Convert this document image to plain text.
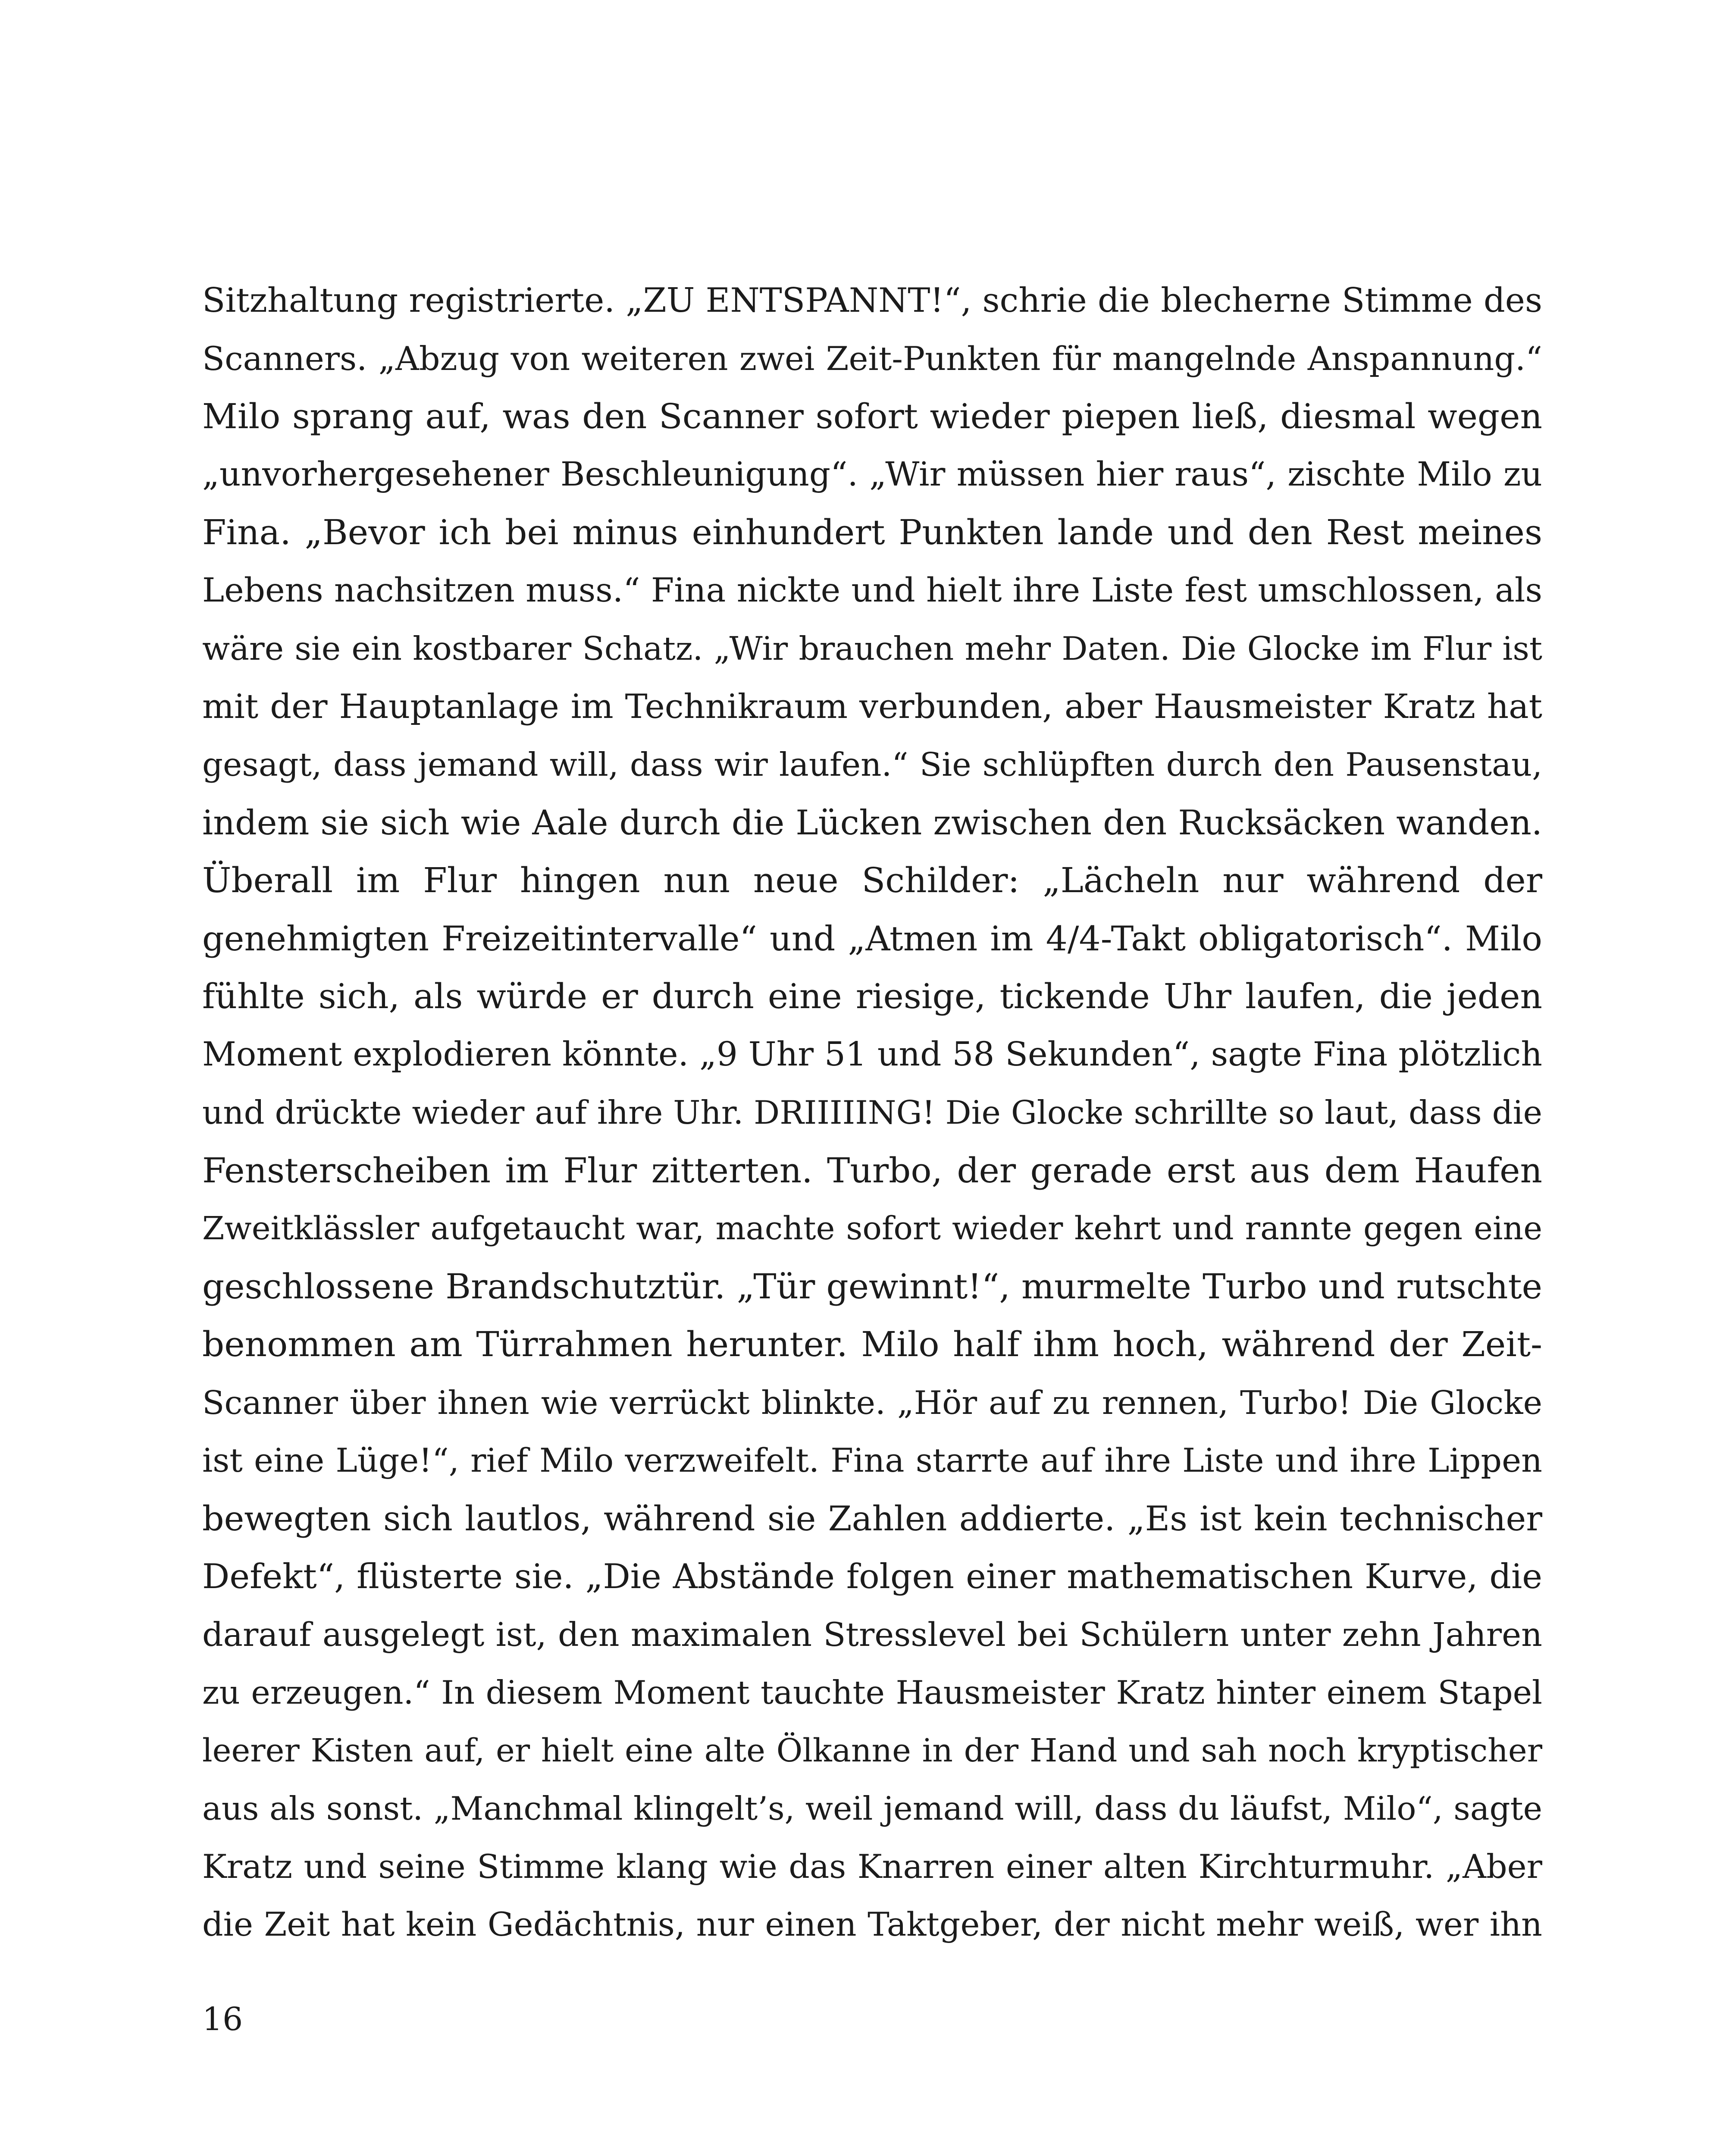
Sitzhaltung registrierte. „ZU ENTSPANNT!“, schrie die blecherne Stimme des
Scanners. „Abzug von weiteren zwei Zeit-Punkten für mangelnde Anspannung.“
Milo sprang auf, was den Scanner sofort wieder piepen ließ, diesmal wegen
„unvorhergesehener Beschleunigung“. „Wir müssen hier raus“, zischte Milo zu
Fina. „Bevor ich bei minus einhundert Punkten lande und den Rest meines
Lebens nachsitzen muss.“ Fina nickte und hielt ihre Liste fest umschlossen, als
wäre sie ein kostbarer Schatz. „Wir brauchen mehr Daten. Die Glocke im Flur ist
mit der Hauptanlage im Technikraum verbunden, aber Hausmeister Kratz hat
gesagt, dass jemand will, dass wir laufen.“ Sie schlüpften durch den Pausenstau,
indem sie sich wie Aale durch die Lücken zwischen den Rucksäcken wanden.
Überall im Flur hingen nun neue Schilder: „Lächeln nur während der
genehmigten Freizeitintervalle“ und „Atmen im 4/4-Takt obligatorisch“. Milo
fühlte sich, als würde er durch eine riesige, tickende Uhr laufen, die jeden
Moment explodieren könnte. „9 Uhr 51 und 58 Sekunden“, sagte Fina plötzlich
und drückte wieder auf ihre Uhr. DRIIIIING! Die Glocke schrillte so laut, dass die
Fensterscheiben im Flur zitterten. Turbo, der gerade erst aus dem Haufen
Zweitklässler aufgetaucht war, machte sofort wieder kehrt und rannte gegen eine
geschlossene Brandschutztür. „Tür gewinnt!“, murmelte Turbo und rutschte
benommen am Türrahmen herunter. Milo half ihm hoch, während der Zeit-
Scanner über ihnen wie verrückt blinkte. „Hör auf zu rennen, Turbo! Die Glocke
ist eine Lüge!“, rief Milo verzweifelt. Fina starrte auf ihre Liste und ihre Lippen
bewegten sich lautlos, während sie Zahlen addierte. „Es ist kein technischer
Defekt“, flüsterte sie. „Die Abstände folgen einer mathematischen Kurve, die
darauf ausgelegt ist, den maximalen Stresslevel bei Schülern unter zehn Jahren
zu erzeugen.“ In diesem Moment tauchte Hausmeister Kratz hinter einem Stapel
leerer Kisten auf, er hielt eine alte Ölkanne in der Hand und sah noch kryptischer
aus als sonst. „Manchmal klingelt’s, weil jemand will, dass du läufst, Milo“, sagte
Kratz und seine Stimme klang wie das Knarren einer alten Kirchturmuhr. „Aber
die Zeit hat kein Gedächtnis, nur einen Taktgeber, der nicht mehr weiß, wer ihn
16
